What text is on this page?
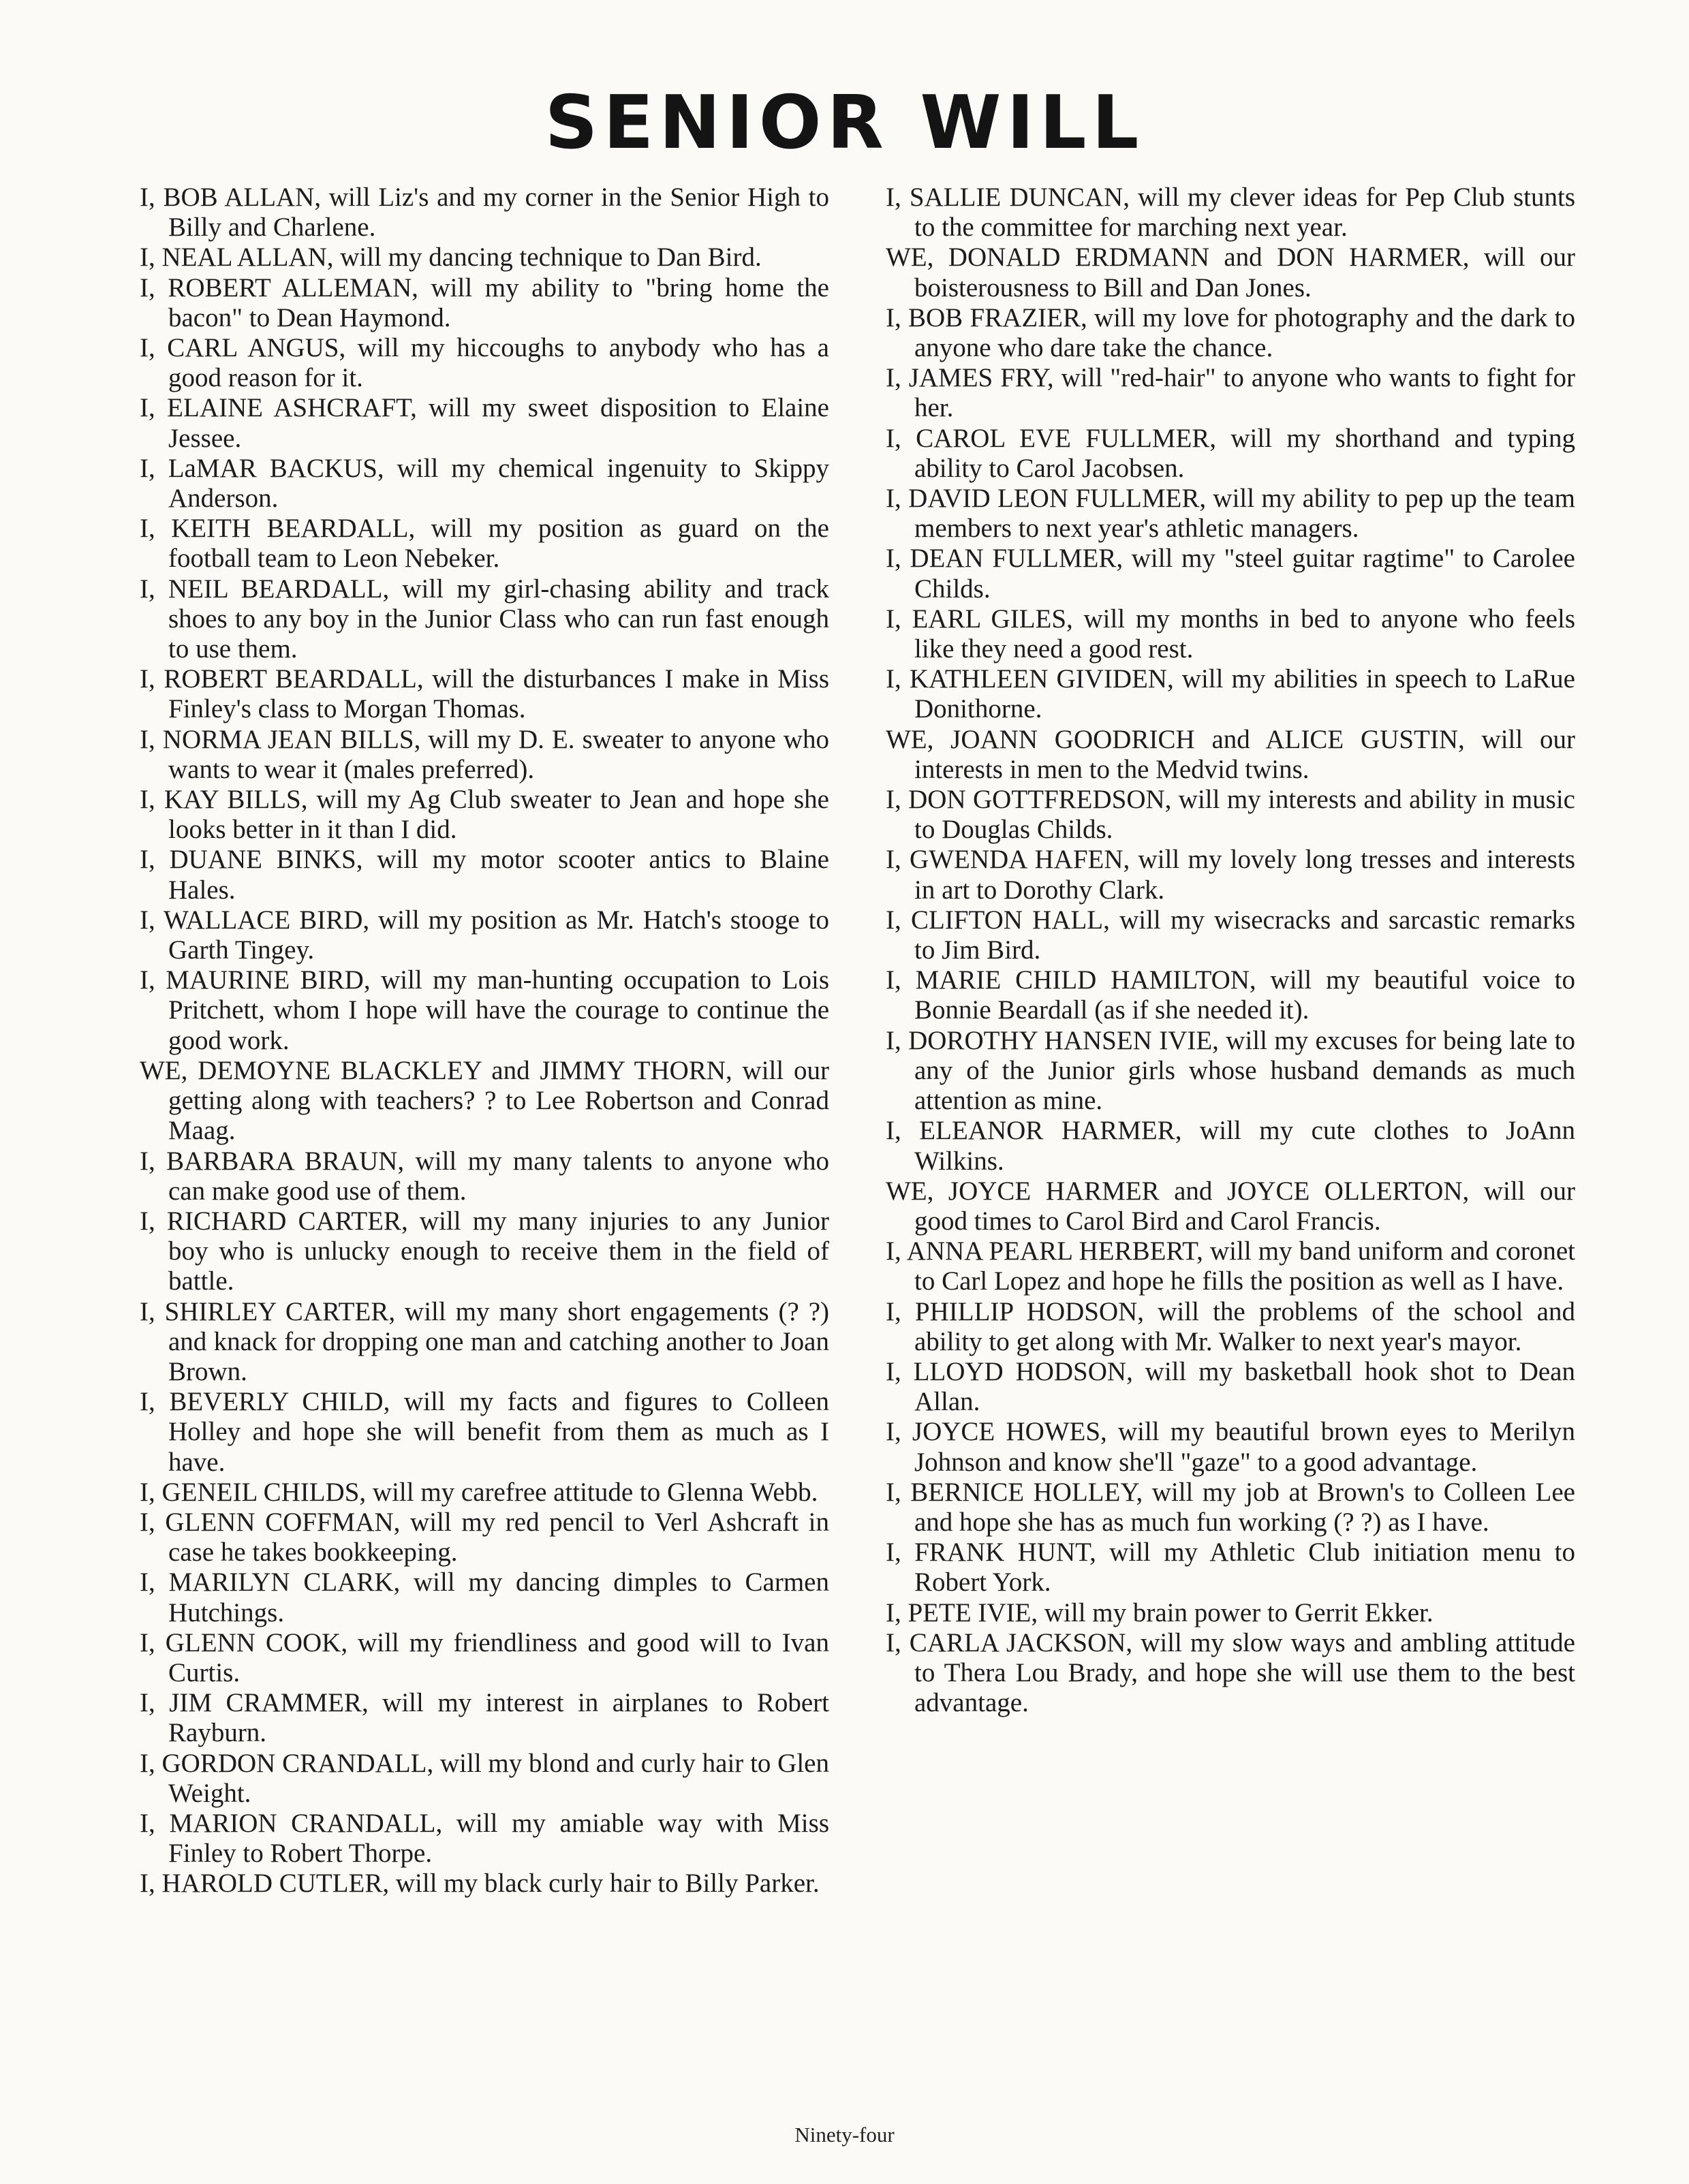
SENIOR WILL

I, BOB ALLAN, will Liz's and my corner in the Senior High to Billy and Charlene.

I, NEAL ALLAN, will my dancing technique to Dan Bird.

I, ROBERT ALLEMAN, will my ability to "bring home the bacon" to Dean Haymond.

I, CARL ANGUS, will my hiccoughs to anybody who has a good reason for it.

I, ELAINE ASHCRAFT, will my sweet disposition to Elaine Jessee.

I, LaMAR BACKUS, will my chemical ingenuity to Skippy Anderson.

I, KEITH BEARDALL, will my position as guard on the football team to Leon Nebeker.

I, NEIL BEARDALL, will my girl-chasing ability and track shoes to any boy in the Junior Class who can run fast enough to use them.

I, ROBERT BEARDALL, will the disturbances I make in Miss Finley's class to Morgan Thomas.

I, NORMA JEAN BILLS, will my D. E. sweater to anyone who wants to wear it (males preferred).

I, KAY BILLS, will my Ag Club sweater to Jean and hope she looks better in it than I did.

I, DUANE BINKS, will my motor scooter antics to Blaine Hales.

I, WALLACE BIRD, will my position as Mr. Hatch's stooge to Garth Tingey.

I, MAURINE BIRD, will my man-hunting occupation to Lois Pritchett, whom I hope will have the courage to continue the good work.

WE, DEMOYNE BLACKLEY and JIMMY THORN, will our getting along with teachers? ? to Lee Robertson and Conrad Maag.

I, BARBARA BRAUN, will my many talents to anyone who can make good use of them.

I, RICHARD CARTER, will my many injuries to any Junior boy who is unlucky enough to receive them in the field of battle.

I, SHIRLEY CARTER, will my many short engagements (? ?) and knack for dropping one man and catching another to Joan Brown.

I, BEVERLY CHILD, will my facts and figures to Colleen Holley and hope she will benefit from them as much as I have.

I, GENEIL CHILDS, will my carefree attitude to Glenna Webb.

I, GLENN COFFMAN, will my red pencil to Verl Ashcraft in case he takes bookkeeping.

I, MARILYN CLARK, will my dancing dimples to Carmen Hutchings.

I, GLENN COOK, will my friendliness and good will to Ivan Curtis.

I, JIM CRAMMER, will my interest in airplanes to Robert Rayburn.

I, GORDON CRANDALL, will my blond and curly hair to Glen Weight.

I, MARION CRANDALL, will my amiable way with Miss Finley to Robert Thorpe.

I, HAROLD CUTLER, will my black curly hair to Billy Parker.

I, SALLIE DUNCAN, will my clever ideas for Pep Club stunts to the committee for marching next year.

WE, DONALD ERDMANN and DON HARMER, will our boisterousness to Bill and Dan Jones.

I, BOB FRAZIER, will my love for photography and the dark to anyone who dare take the chance.

I, JAMES FRY, will "red-hair" to anyone who wants to fight for her.

I, CAROL EVE FULLMER, will my shorthand and typing ability to Carol Jacobsen.

I, DAVID LEON FULLMER, will my ability to pep up the team members to next year's athletic managers.

I, DEAN FULLMER, will my "steel guitar ragtime" to Carolee Childs.

I, EARL GILES, will my months in bed to anyone who feels like they need a good rest.

I, KATHLEEN GIVIDEN, will my abilities in speech to LaRue Donithorne.

WE, JOANN GOODRICH and ALICE GUSTIN, will our interests in men to the Medvid twins.

I, DON GOTTFREDSON, will my interests and ability in music to Douglas Childs.

I, GWENDA HAFEN, will my lovely long tresses and interests in art to Dorothy Clark.

I, CLIFTON HALL, will my wisecracks and sarcastic remarks to Jim Bird.

I, MARIE CHILD HAMILTON, will my beautiful voice to Bonnie Beardall (as if she needed it).

I, DOROTHY HANSEN IVIE, will my excuses for being late to any of the Junior girls whose husband demands as much attention as mine.

I, ELEANOR HARMER, will my cute clothes to JoAnn Wilkins.

WE, JOYCE HARMER and JOYCE OLLERTON, will our good times to Carol Bird and Carol Francis.

I, ANNA PEARL HERBERT, will my band uniform and coronet to Carl Lopez and hope he fills the position as well as I have.

I, PHILLIP HODSON, will the problems of the school and ability to get along with Mr. Walker to next year's mayor.

I, LLOYD HODSON, will my basketball hook shot to Dean Allan.

I, JOYCE HOWES, will my beautiful brown eyes to Merilyn Johnson and know she'll "gaze" to a good advantage.

I, BERNICE HOLLEY, will my job at Brown's to Colleen Lee and hope she has as much fun working (? ?) as I have.

I, FRANK HUNT, will my Athletic Club initiation menu to Robert York.

I, PETE IVIE, will my brain power to Gerrit Ekker.

I, CARLA JACKSON, will my slow ways and ambling attitude to Thera Lou Brady, and hope she will use them to the best advantage.

Ninety-four
